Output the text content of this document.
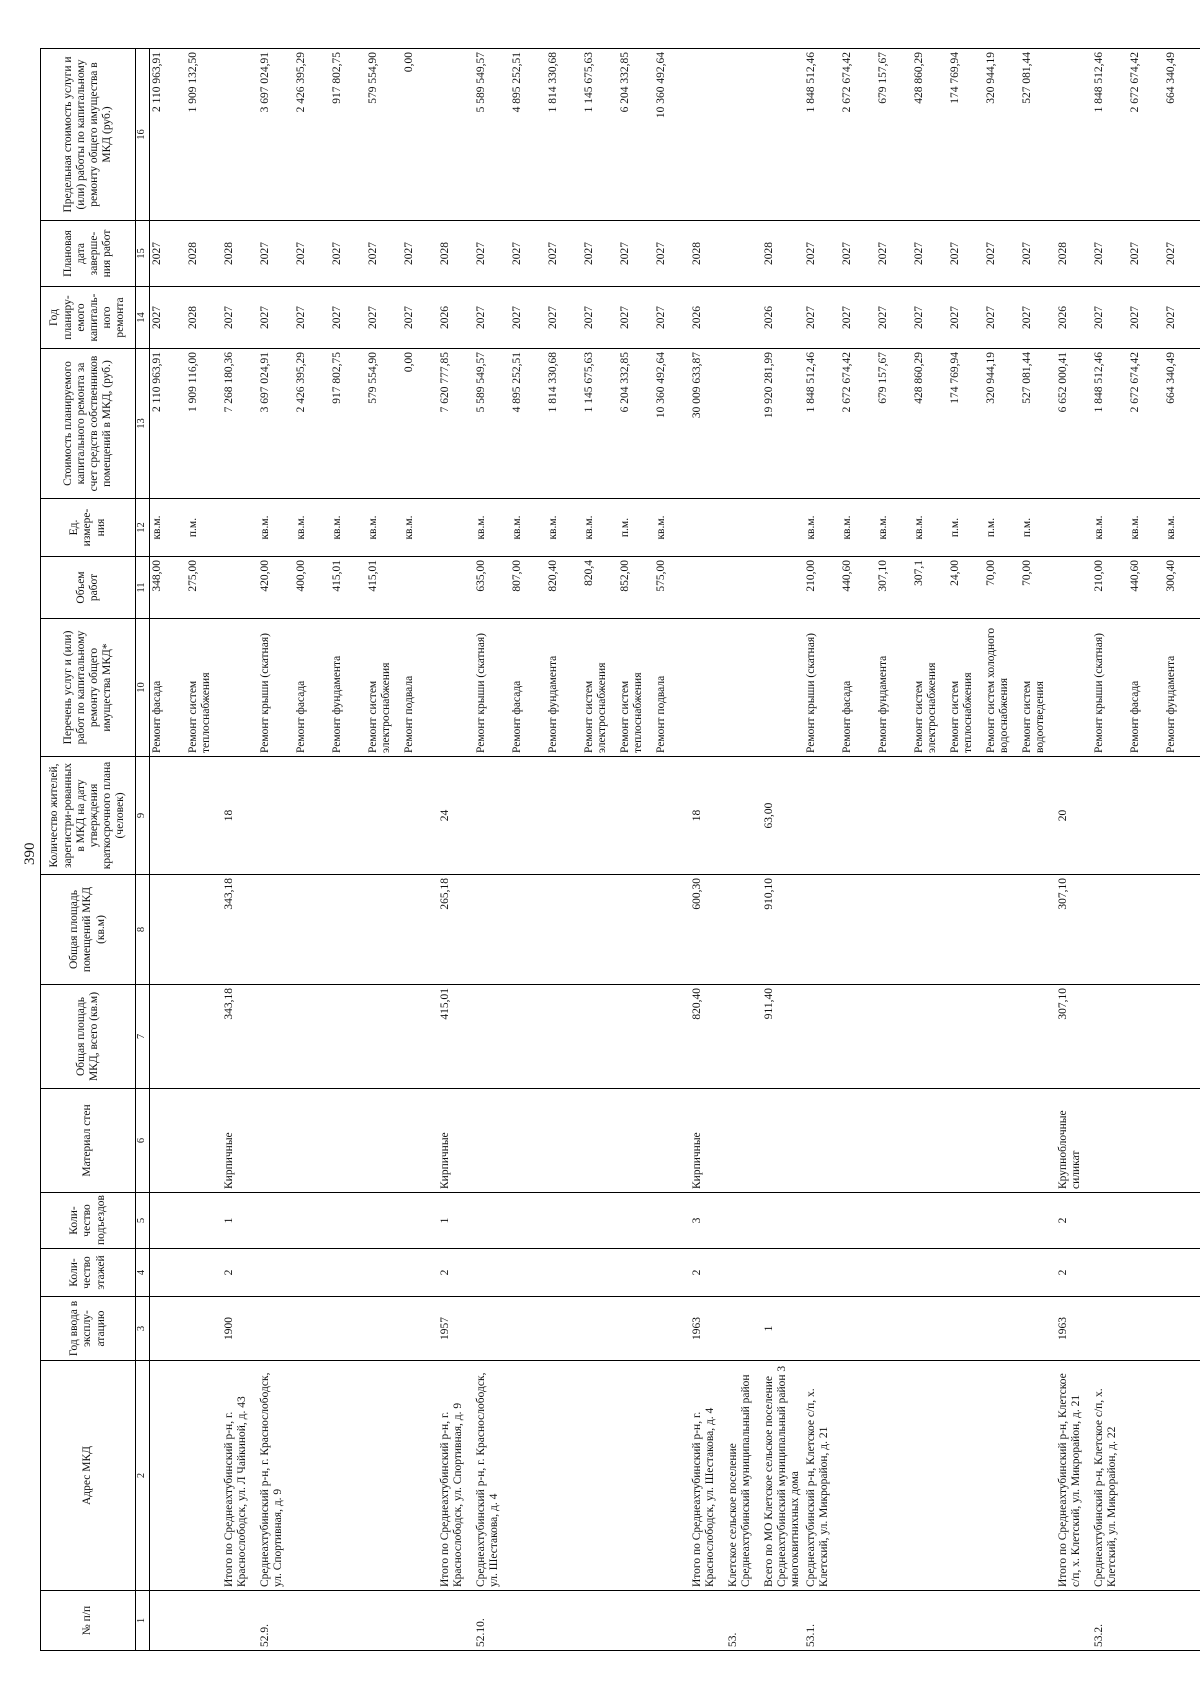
390
№ п/п	Адрес МКД	Год ввода в эксплу-атацию	Коли-чество этажей	Коли-чество подъездов	Материал стен	Общая площадь МКД, всего (кв.м)	Общая площадь помещений МКД (кв.м)	Количество жителей, зарегистри-рованных в МКД на дату утверждения краткосрочного плана (человек)	Перечень услуг и (или) работ по капитальному ремонту общего имущества МКД*	Объем работ	Ед. измере-ния	Стоимость планируемого капитального ремонта за счет средств собственников помещений в МКД, (руб.)	Год планиру-емого капиталь-ного ремонта	Плановая дата заверше-ния работ	Предельная стоимость услуги и (или) работы по капитальному ремонту общего имущества в МКД (руб.)
1	2	3	4	5	6	7	8	9	10	11	12	13	14	15	16
									Ремонт фасада	348,00	кв.м.	2 110 963,91	2027	2027	2 110 963,91
									Ремонт систем теплоснабжения	275,00	п.м.	1 909 116,00	2028	2028	1 909 132,50
	Итого по Среднеахтубинский р-н, г. Краснослободск, ул. Л Чайкиной, д. 43	1900	2	1	Кирпичные	343,18	343,18	18				7 268 180,36	2027	2028	
52.9.	Среднеахтубинский р-н, г. Краснослободск, ул. Спортивная, д. 9								Ремонт крыши (скатная)	420,00	кв.м.	3 697 024,91	2027	2027	3 697 024,91
									Ремонт фасада	400,00	кв.м.	2 426 395,29	2027	2027	2 426 395,29
									Ремонт фундамента	415,01	кв.м.	917 802,75	2027	2027	917 802,75
									Ремонт систем электроснабжения	415,01	кв.м.	579 554,90	2027	2027	579 554,90
									Ремонт подвала		кв.м.	0,00	2027	2027	0,00
	Итого по Среднеахтубинский р-н, г. Краснослободск, ул. Спортивная, д. 9	1957	2	1	Кирпичные	415,01	265,18	24				7 620 777,85	2026	2028	
52.10.	Среднеахтубинский р-н, г. Краснослободск, ул. Шестакова, д. 4								Ремонт крыши (скатная)	635,00	кв.м.	5 589 549,57	2027	2027	5 589 549,57
									Ремонт фасада	807,00	кв.м.	4 895 252,51	2027	2027	4 895 252,51
									Ремонт фундамента	820,40	кв.м.	1 814 330,68	2027	2027	1 814 330,68
									Ремонт систем электроснабжения	820,4	кв.м.	1 145 675,63	2027	2027	1 145 675,63
									Ремонт систем теплоснабжения	852,00	п.м.	6 204 332,85	2027	2027	6 204 332,85
									Ремонт подвала	575,00	кв.м.	10 360 492,64	2027	2027	10 360 492,64
	Итого по Среднеахтубинский р-н, г. Краснослободск, ул. Шестакова, д. 4	1963	2	3	Кирпичные	820,40	600,30	18				30 009 633,87	2026	2028	
53.	Клетское сельское поселение Среднеахтубинский муниципальный район														
	Всего по МО Клетское сельское поселение Среднеахтубинский муниципальный район 3 многоквитнихных дома	1				911,40	910,10	63,00				19 920 281,99	2026	2028	
53.1.	Среднеахтубинский р-н, Клетское с/п, х. Клетский, ул. Микрорайон, д. 21								Ремонт крыши (скатная)	210,00	кв.м.	1 848 512,46	2027	2027	1 848 512,46
									Ремонт фасада	440,60	кв.м.	2 672 674,42	2027	2027	2 672 674,42
									Ремонт фундамента	307,10	кв.м.	679 157,67	2027	2027	679 157,67
									Ремонт систем электроснабжения	307,1	кв.м.	428 860,29	2027	2027	428 860,29
									Ремонт систем теплоснабжения	24,00	п.м.	174 769,94	2027	2027	174 769,94
									Ремонт систем холодного водоснабжения	70,00	п.м.	320 944,19	2027	2027	320 944,19
									Ремонт систем водоотведения	70,00	п.м.	527 081,44	2027	2027	527 081,44
	Итого по Среднеахтубинский р-н, Клетское с/п, х. Клетский, ул. Микрорайон, д. 21	1963	2	2	Крупноблочные силикат	307,10	307,10	20				6 652 000,41	2026	2028	
53.2.	Среднеахтубинский р-н, Клетское с/п, х. Клетский, ул. Микрорайон, д. 22								Ремонт крыши (скатная)	210,00	кв.м.	1 848 512,46	2027	2027	1 848 512,46
									Ремонт фасада	440,60	кв.м.	2 672 674,42	2027	2027	2 672 674,42
									Ремонт фундамента	300,40	кв.м.	664 340,49	2027	2027	664 340,49
